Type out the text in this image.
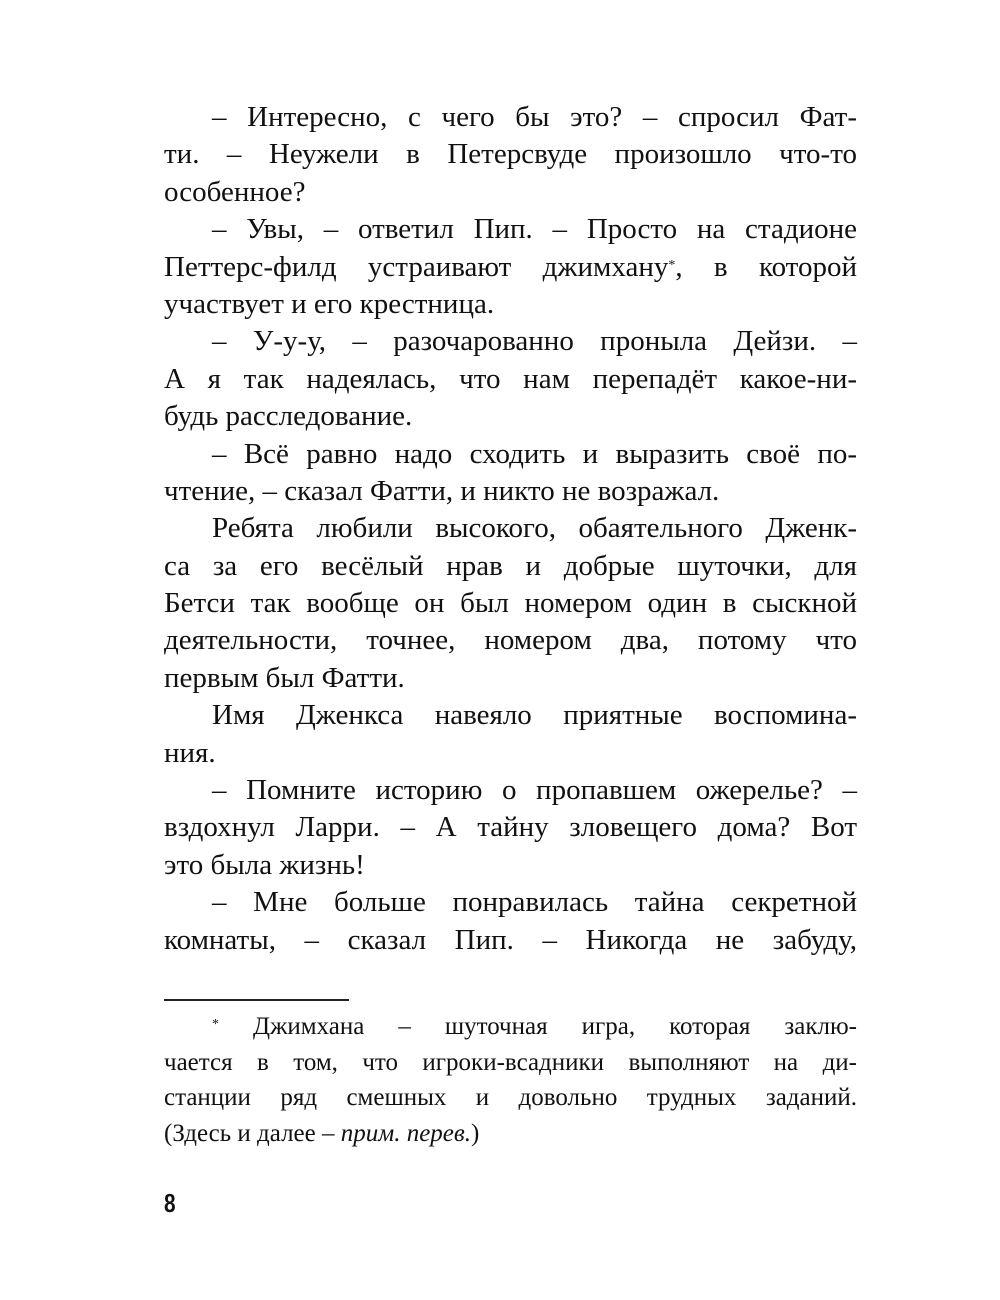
– Интересно, с чего бы это? – спросил Фат-
ти. – Неужели в Петерсвуде произошло что-то
особенное?
– Увы, – ответил Пип. – Просто на стадионе
Петтерс-филд устраивают джимхану*, в которой
участвует и его крестница.
– У-у-у, – разочарованно проныла Дейзи. –
А я так надеялась, что нам перепадёт какое-ни-
будь расследование.
– Всё равно надо сходить и выразить своё по-
чтение, – сказал Фатти, и никто не возражал.
Ребята любили высокого, обаятельного Дженк-
са за его весёлый нрав и добрые шуточки, для
Бетси так вообще он был номером один в сыскной
деятельности, точнее, номером два, потому что
первым был Фатти.
Имя Дженкса навеяло приятные воспомина-
ния.
– Помните историю о пропавшем ожерелье? –
вздохнул Ларри. – А тайну зловещего дома? Вот
это была жизнь!
– Мне больше понравилась тайна секретной
комнаты, – сказал Пип. – Никогда не забуду,
* Джимхана – шуточная игра, которая заклю-
чается в том, что игроки-всадники выполняют на ди-
станции ряд смешных и довольно трудных заданий.
(Здесь и далее – прим. перев.)
8
